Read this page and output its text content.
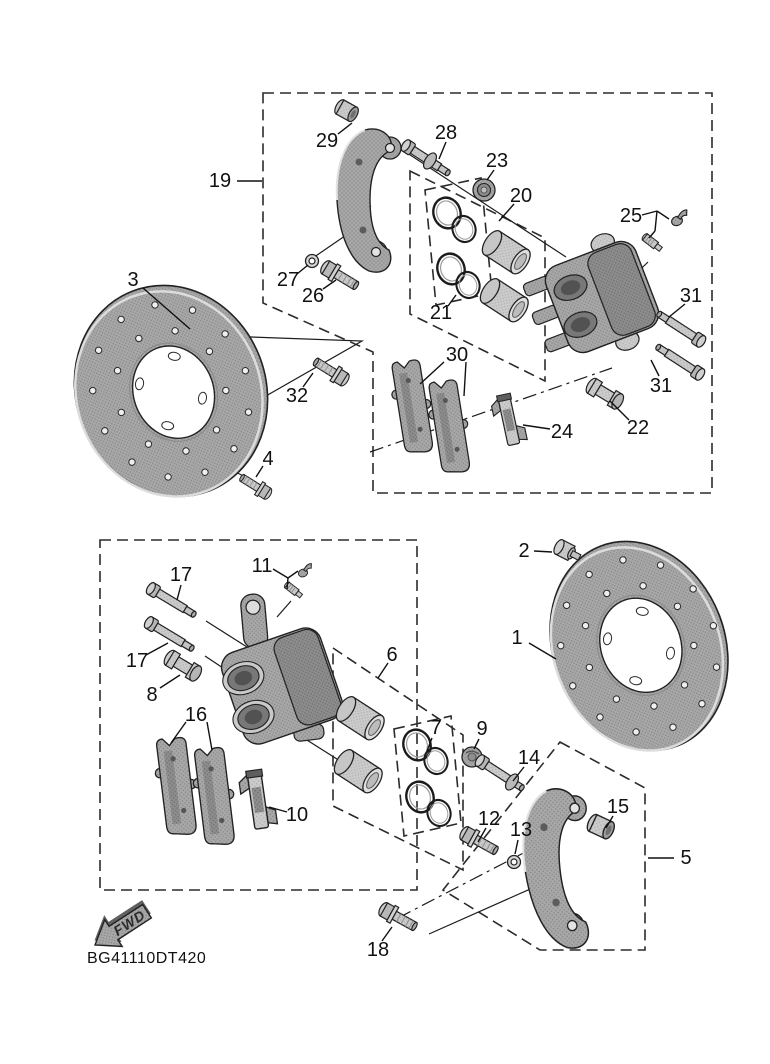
FWD
BG41110DT420
19
29	28
23
20
25
27
26
21
31
31
22
30
24
3
32
4
2
1
17	11
17
8
16
10
6
7 9
14
12 13
15
5
18
